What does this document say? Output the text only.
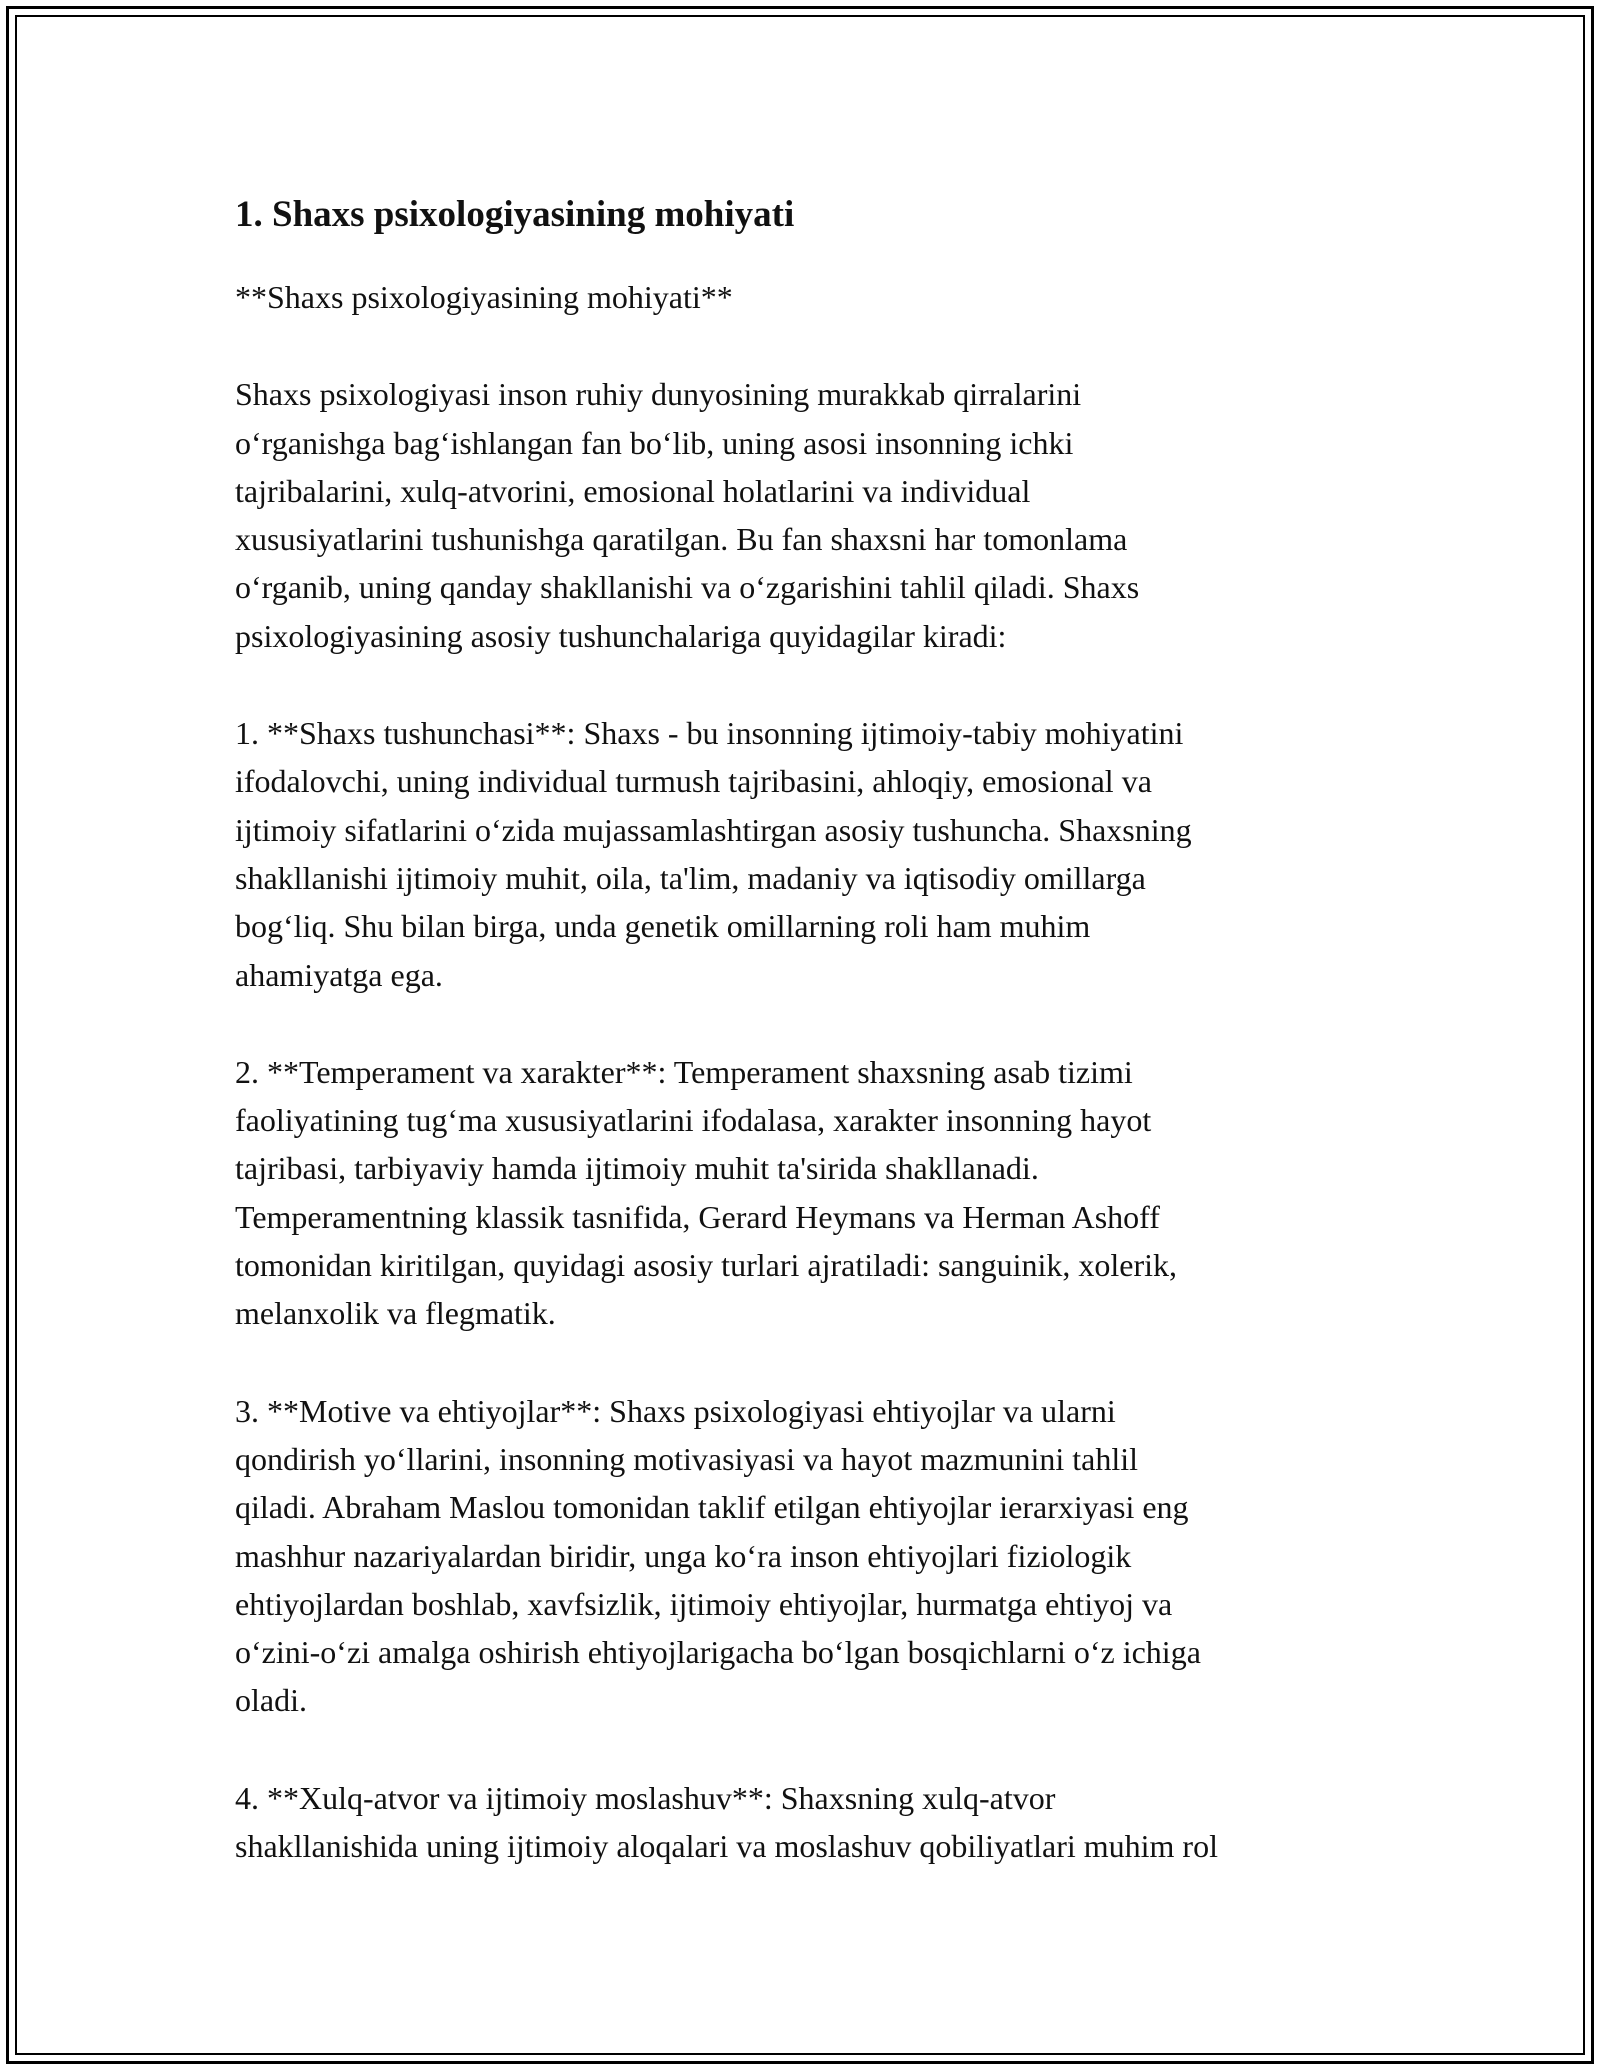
1. Shaxs psixologiyasining mohiyati

**Shaxs psixologiyasining mohiyati**

Shaxs psixologiyasi inson ruhiy dunyosining murakkab qirralarini
o‘rganishga bag‘ishlangan fan bo‘lib, uning asosi insonning ichki
tajribalarini, xulq-atvorini, emosional holatlarini va individual
xususiyatlarini tushunishga qaratilgan. Bu fan shaxsni har tomonlama
o‘rganib, uning qanday shakllanishi va o‘zgarishini tahlil qiladi. Shaxs
psixologiyasining asosiy tushunchalariga quyidagilar kiradi:

1. **Shaxs tushunchasi**: Shaxs - bu insonning ijtimoiy-tabiy mohiyatini
ifodalovchi, uning individual turmush tajribasini, ahloqiy, emosional va
ijtimoiy sifatlarini o‘zida mujassamlashtirgan asosiy tushuncha. Shaxsning
shakllanishi ijtimoiy muhit, oila, ta'lim, madaniy va iqtisodiy omillarga
bog‘liq. Shu bilan birga, unda genetik omillarning roli ham muhim
ahamiyatga ega.

2. **Temperament va xarakter**: Temperament shaxsning asab tizimi
faoliyatining tug‘ma xususiyatlarini ifodalasa, xarakter insonning hayot
tajribasi, tarbiyaviy hamda ijtimoiy muhit ta'sirida shakllanadi.
Temperamentning klassik tasnifida, Gerard Heymans va Herman Ashoff
tomonidan kiritilgan, quyidagi asosiy turlari ajratiladi: sanguinik, xolerik,
melanxolik va flegmatik.

3. **Motive va ehtiyojlar**: Shaxs psixologiyasi ehtiyojlar va ularni
qondirish yo‘llarini, insonning motivasiyasi va hayot mazmunini tahlil
qiladi. Abraham Maslou tomonidan taklif etilgan ehtiyojlar ierarxiyasi eng
mashhur nazariyalardan biridir, unga ko‘ra inson ehtiyojlari fiziologik
ehtiyojlardan boshlab, xavfsizlik, ijtimoiy ehtiyojlar, hurmatga ehtiyoj va
o‘zini-o‘zi amalga oshirish ehtiyojlarigacha bo‘lgan bosqichlarni o‘z ichiga
oladi.

4. **Xulq-atvor va ijtimoiy moslashuv**: Shaxsning xulq-atvor
shakllanishida uning ijtimoiy aloqalari va moslashuv qobiliyatlari muhim rol
